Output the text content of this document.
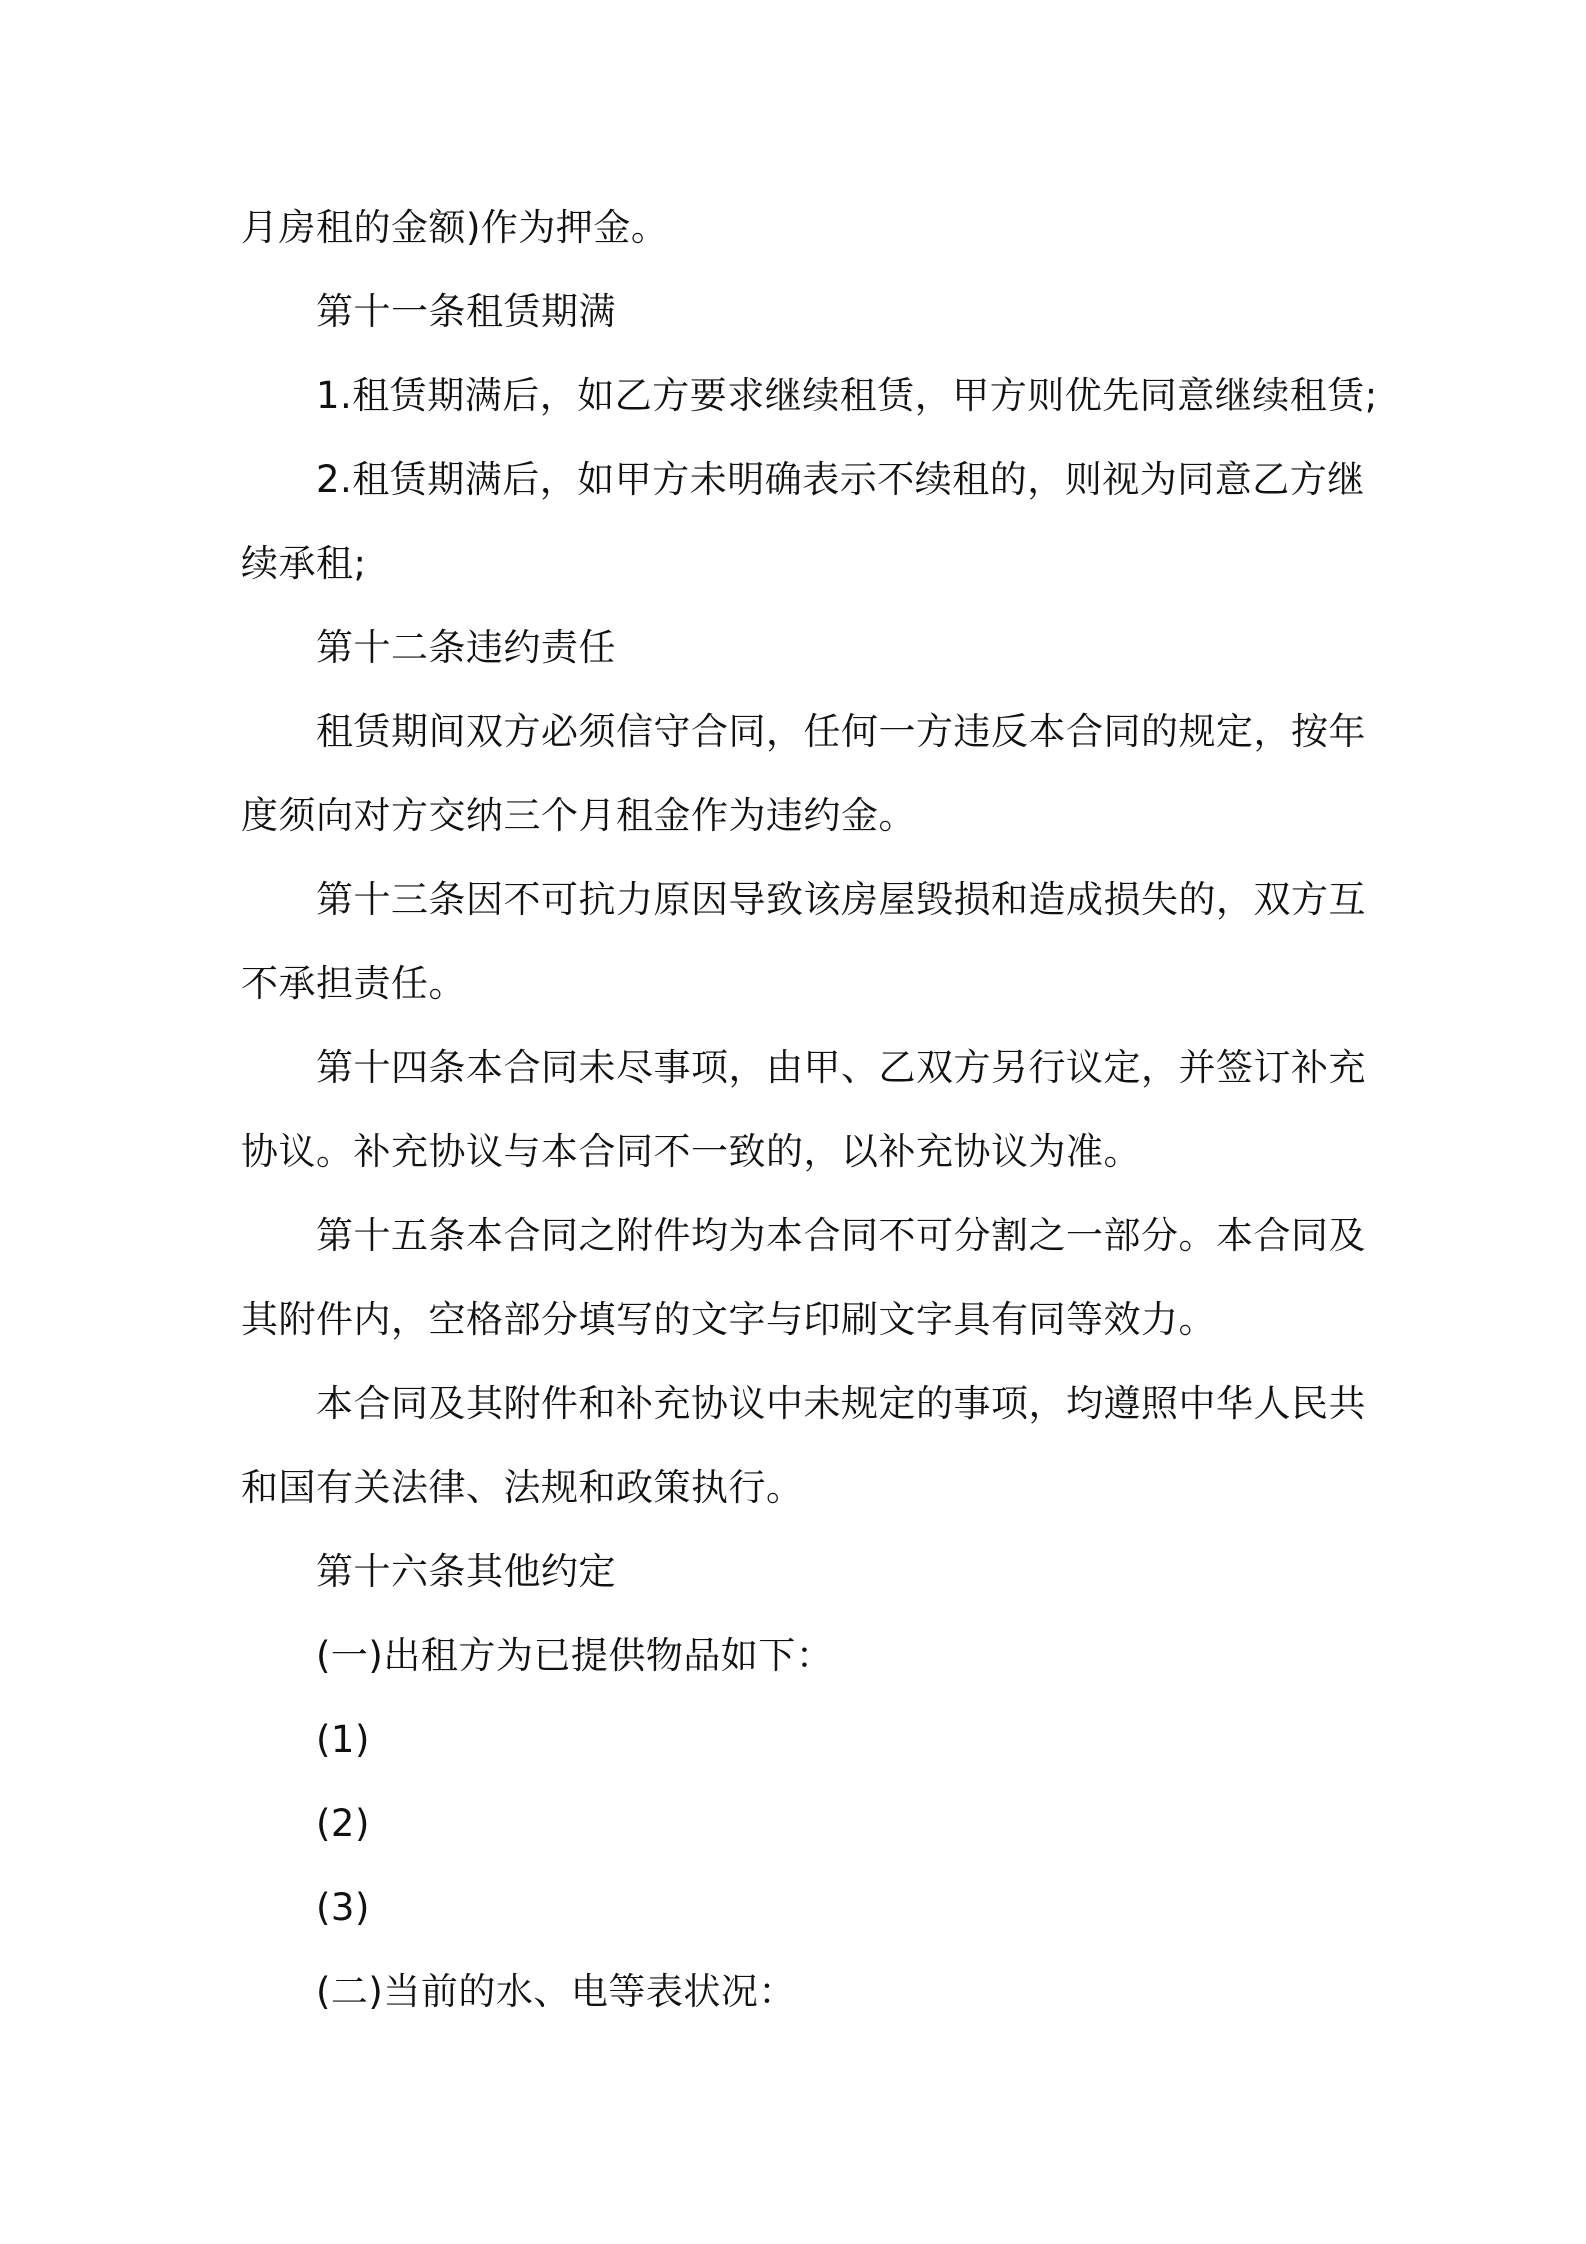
月房租的金额)作为押金。
第十一条租赁期满
1.租赁期满后，如乙方要求继续租赁，甲方则优先同意继续租赁;
2.租赁期满后，如甲方未明确表示不续租的，则视为同意乙方继
续承租;
第十二条违约责任
租赁期间双方必须信守合同，任何一方违反本合同的规定，按年
度须向对方交纳三个月租金作为违约金。
第十三条因不可抗力原因导致该房屋毁损和造成损失的，双方互
不承担责任。
第十四条本合同未尽事项，由甲、乙双方另行议定，并签订补充
协议。补充协议与本合同不一致的，以补充协议为准。
第十五条本合同之附件均为本合同不可分割之一部分。本合同及
其附件内，空格部分填写的文字与印刷文字具有同等效力。
本合同及其附件和补充协议中未规定的事项，均遵照中华人民共
和国有关法律、法规和政策执行。
第十六条其他约定
(一)出租方为已提供物品如下：
(1)
(2)
(3)
(二)当前的水、电等表状况：
